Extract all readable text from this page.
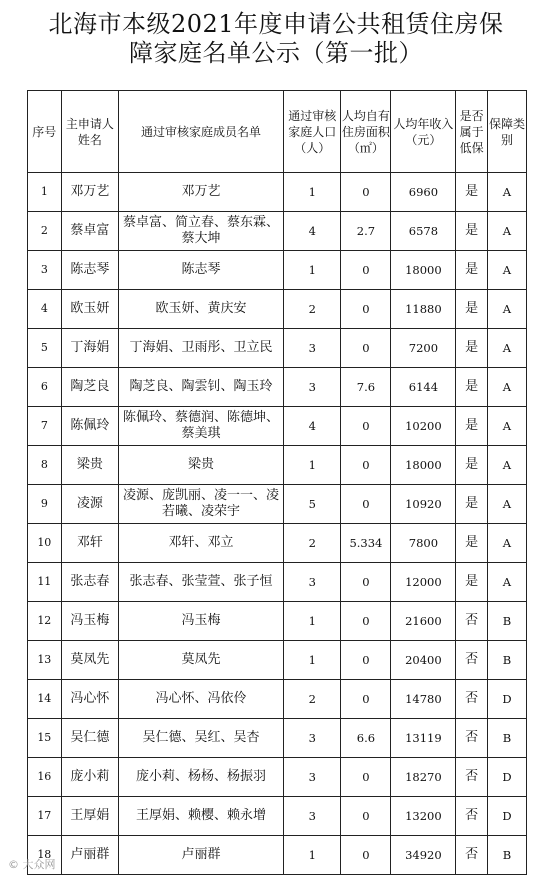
北海市本级2021年度申请公共租赁住房保
障家庭名单公示（第一批）
序号	主申请人姓名	通过审核家庭成员名单	通过审核家庭人口（人）	人均自有住房面积（㎡）	人均年收入（元）	是否属于低保	保障类别
1	邓万艺	邓万艺	1	0	6960	是	A
2	蔡卓富	蔡卓富、简立春、蔡东霖、蔡大坤	4	2.7	6578	是	A
3	陈志琴	陈志琴	1	0	18000	是	A
4	欧玉妍	欧玉妍、黄庆安	2	0	11880	是	A
5	丁海娟	丁海娟、卫雨彤、卫立民	3	0	7200	是	A
6	陶芝良	陶芝良、陶雲钊、陶玉玲	3	7.6	6144	是	A
7	陈佩玲	陈佩玲、蔡德润、陈德坤、蔡美琪	4	0	10200	是	A
8	梁贵	梁贵	1	0	18000	是	A
9	凌源	凌源、庞凯丽、凌一一、凌若曦、凌荣宇	5	0	10920	是	A
10	邓轩	邓轩、邓立	2	5.334	7800	是	A
11	张志春	张志春、张莹萱、张子恒	3	0	12000	是	A
12	冯玉梅	冯玉梅	1	0	21600	否	B
13	莫凤先	莫凤先	1	0	20400	否	B
14	冯心怀	冯心怀、冯依伶	2	0	14780	否	D
15	吴仁德	吴仁德、吴红、吴杏	3	6.6	13119	否	B
16	庞小莉	庞小莉、杨杨、杨振羽	3	0	18270	否	D
17	王厚娟	王厚娟、赖樱、赖永增	3	0	13200	否	D
18	卢丽群	卢丽群	1	0	34920	否	B
© 大众网
